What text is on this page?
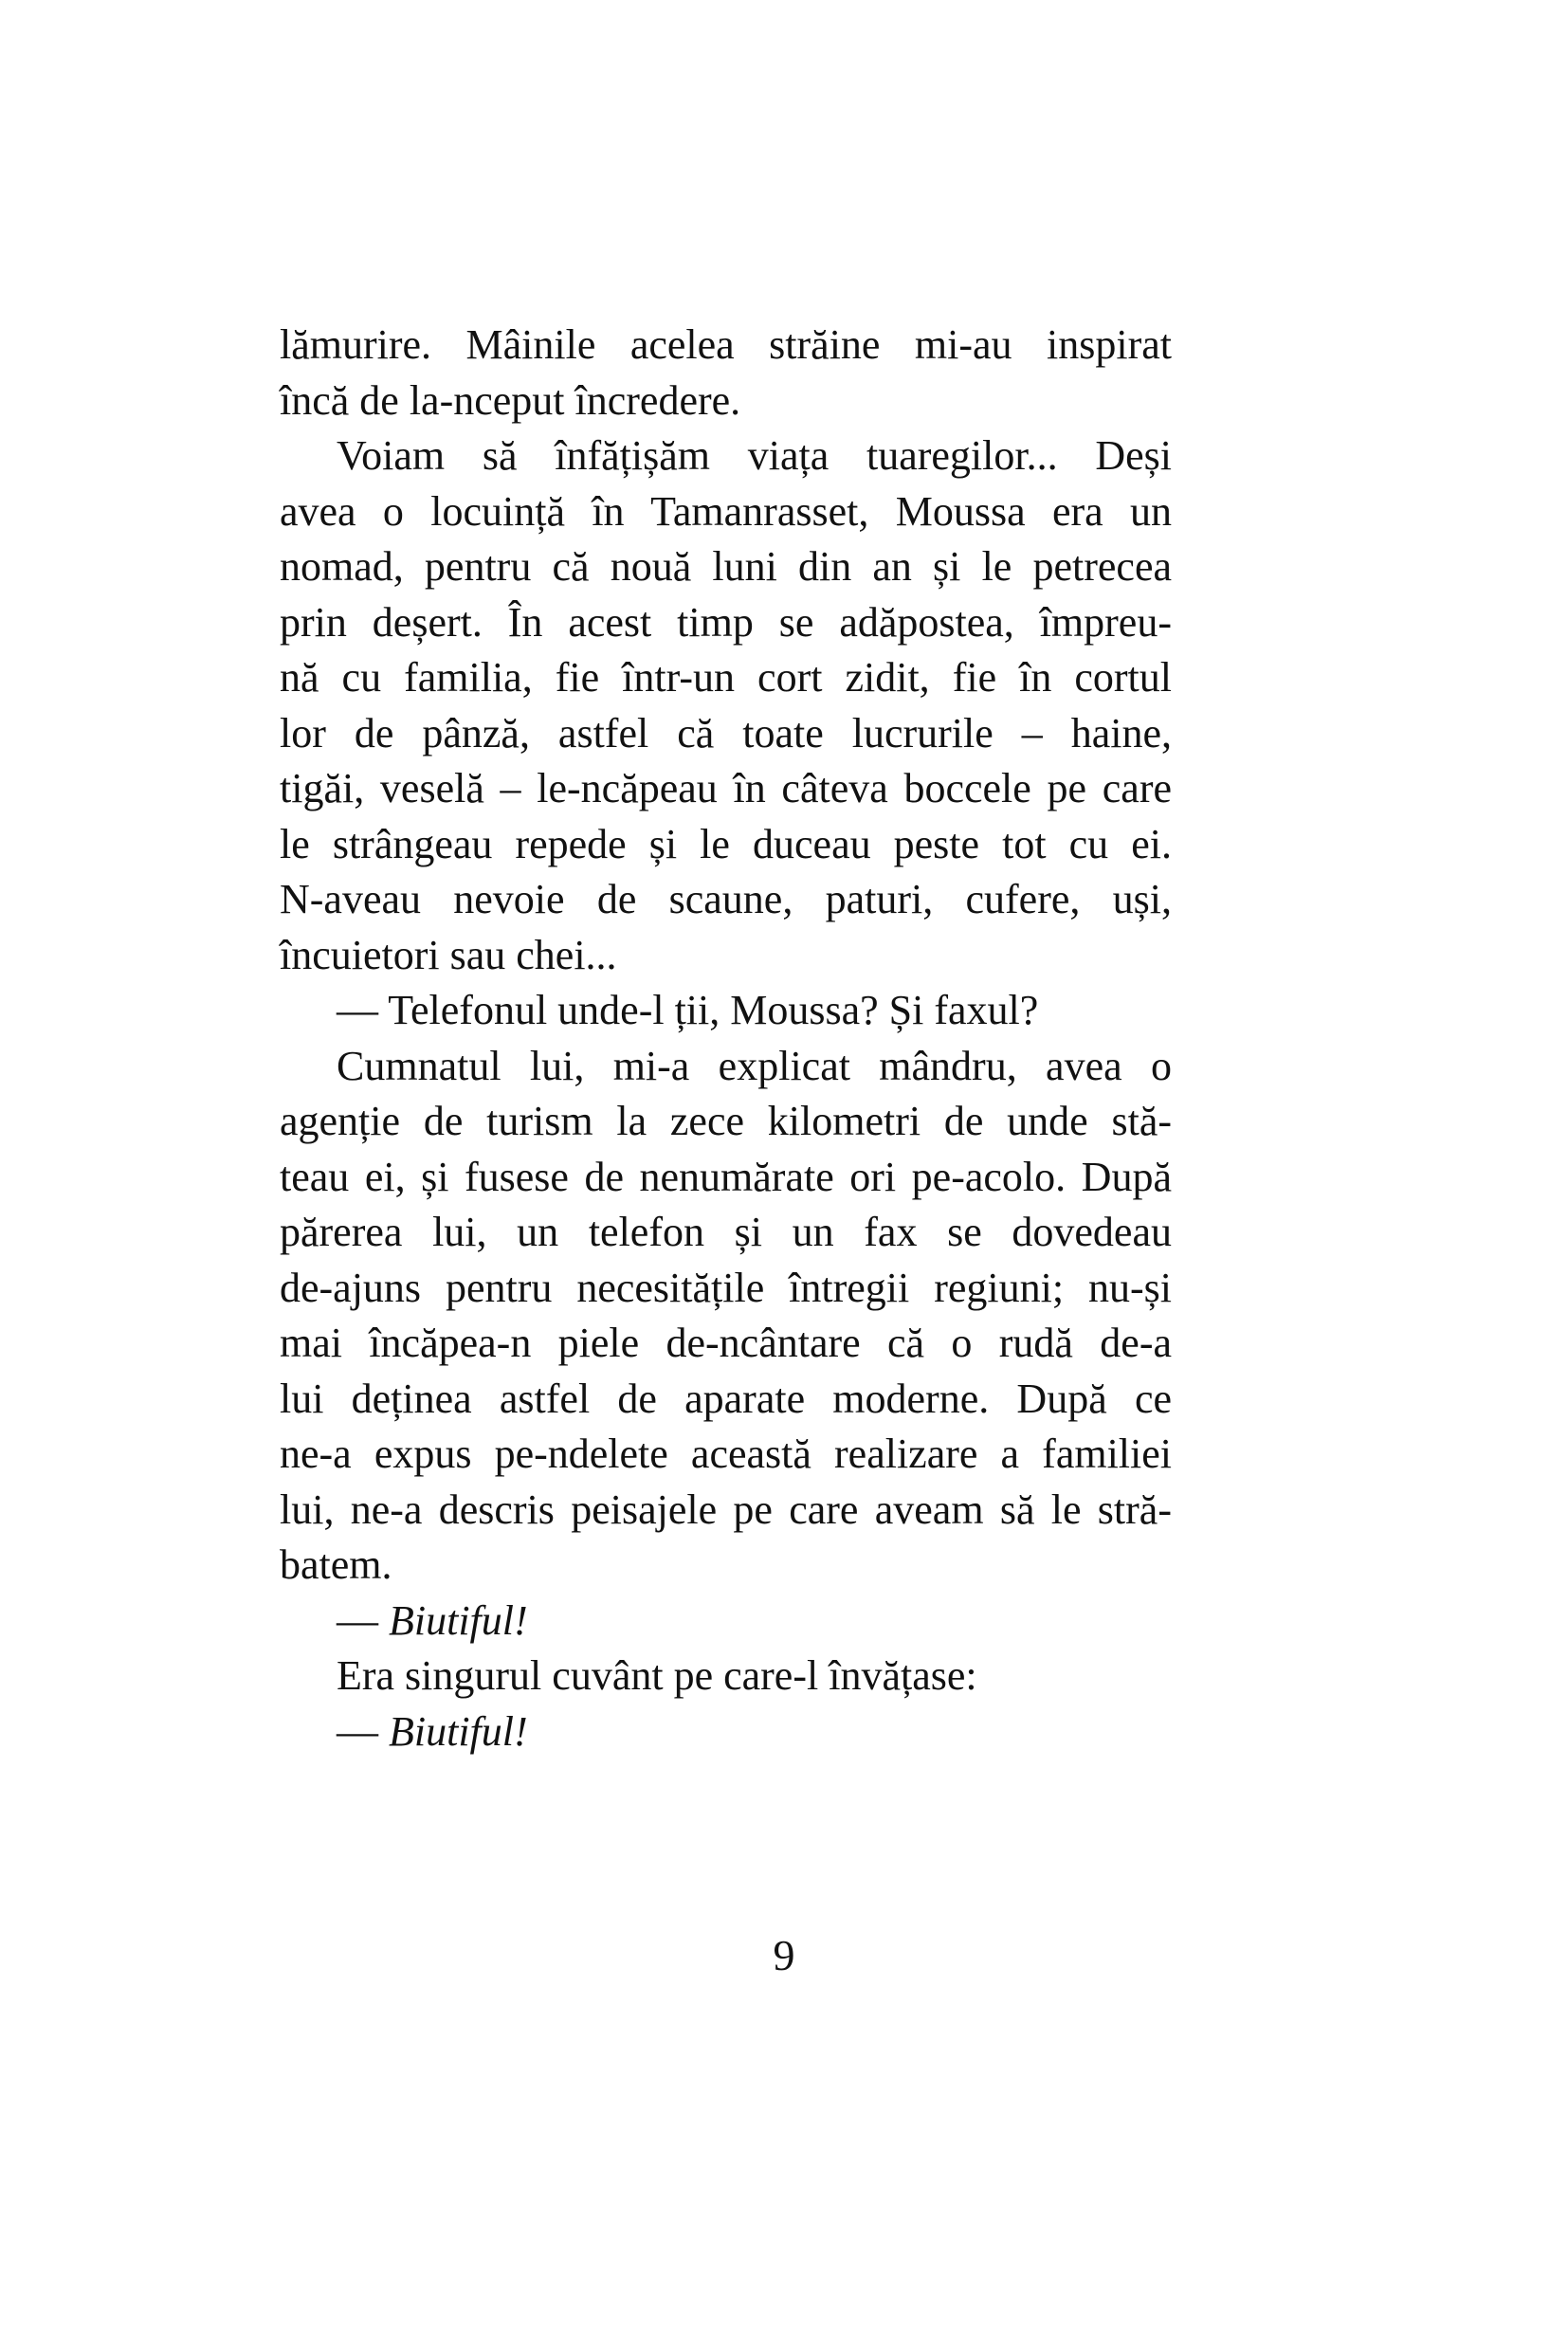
lămurire. Mâinile acelea străine mi-au inspirat
încă de la-nceput încredere.
Voiam să înfățișăm viața tuaregilor... Deși
avea o locuință în Tamanrasset, Moussa era un
nomad, pentru că nouă luni din an și le petrecea
prin deșert. În acest timp se adăpostea, împreu-
nă cu familia, fie într-un cort zidit, fie în cortul
lor de pânză, astfel că toate lucrurile – haine,
tigăi, veselă – le-ncăpeau în câteva boccele pe care
le strângeau repede și le duceau peste tot cu ei.
N-aveau nevoie de scaune, paturi, cufere, uși,
încuietori sau chei...
— Telefonul unde-l ții, Moussa? Și faxul?
Cumnatul lui, mi-a explicat mândru, avea o
agenție de turism la zece kilometri de unde stă-
teau ei, și fusese de nenumărate ori pe-acolo. După
părerea lui, un telefon și un fax se dovedeau
de-ajuns pentru necesitățile întregii regiuni; nu-și
mai încăpea-n piele de-ncântare că o rudă de-a
lui deținea astfel de aparate moderne. După ce
ne-a expus pe-ndelete această realizare a familiei
lui, ne-a descris peisajele pe care aveam să le stră-
batem.
— Biutiful!
Era singurul cuvânt pe care-l învățase:
— Biutiful!
9
